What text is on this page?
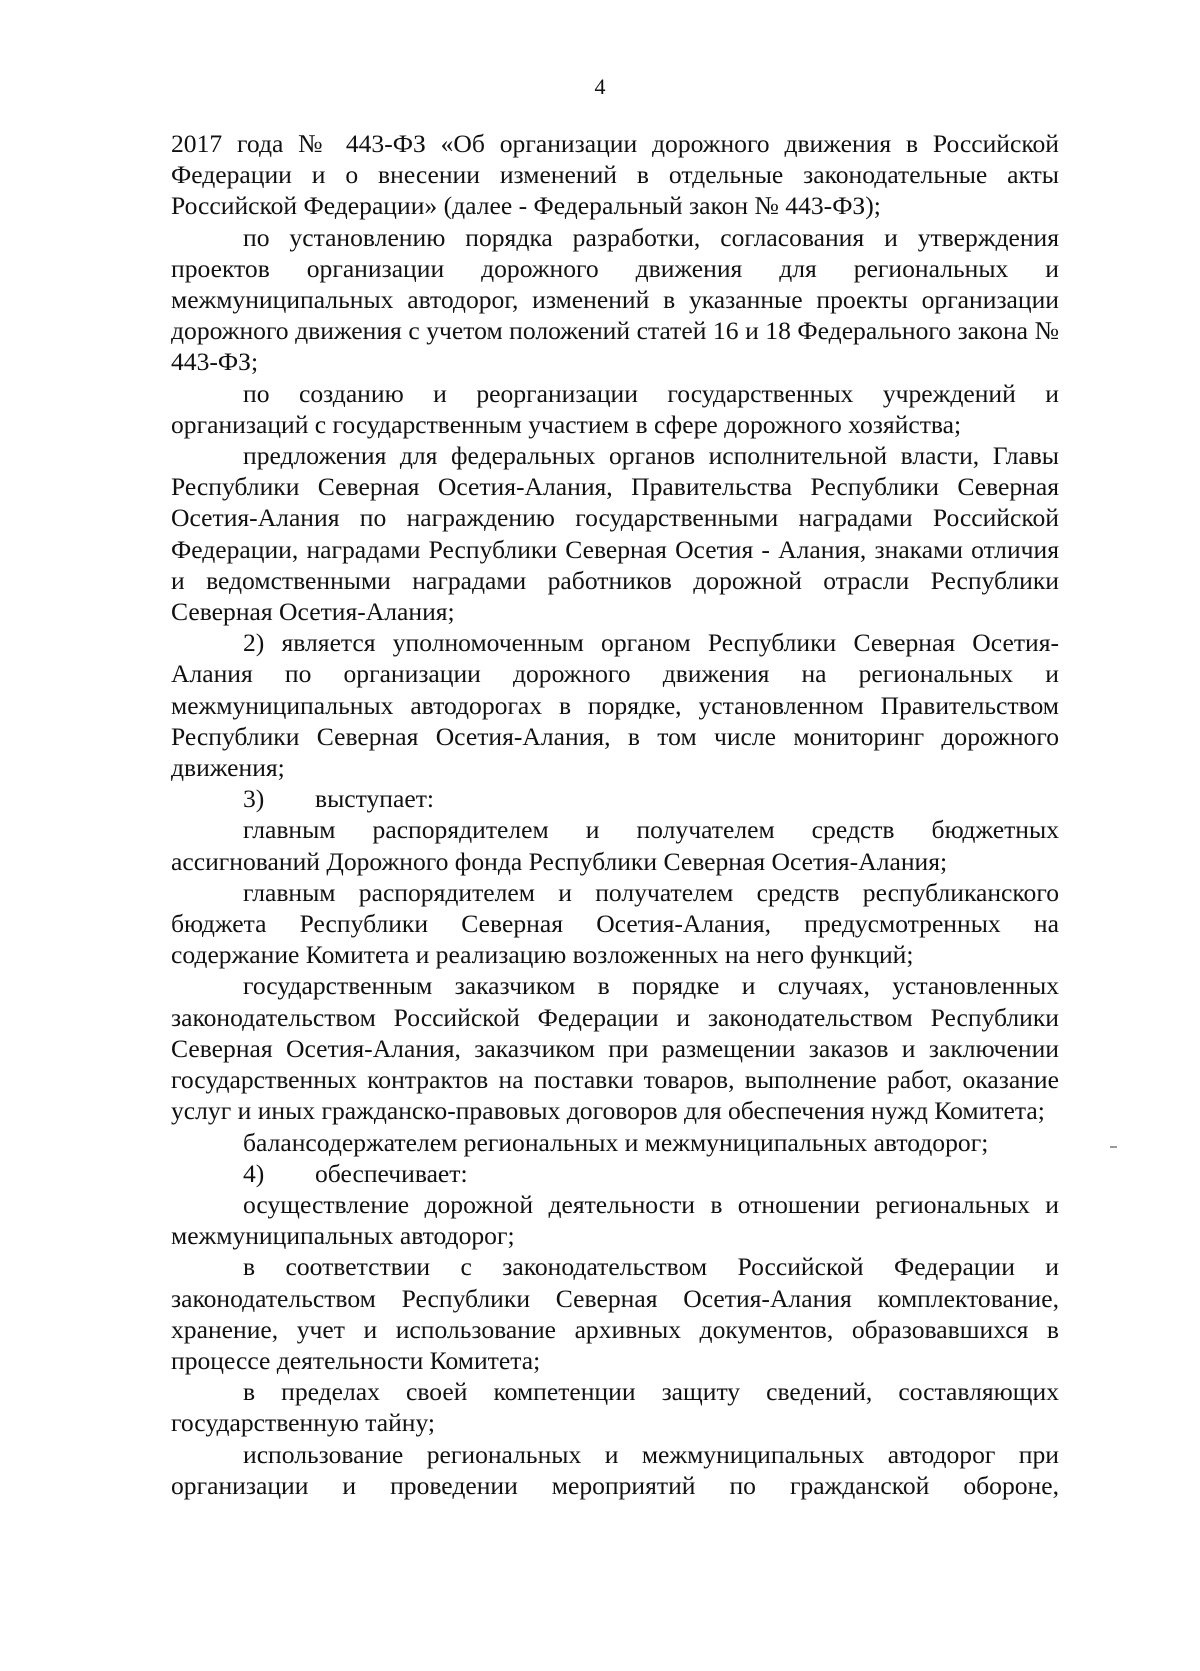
4

2017 года № 443-ФЗ «Об организации дорожного движения в Российской Федерации и о внесении изменений в отдельные законодательные акты Российской Федерации» (далее - Федеральный закон № 443-ФЗ);

по установлению порядка разработки, согласования и утверждения проектов организации дорожного движения для региональных и межмуниципальных автодорог, изменений в указанные проекты организации дорожного движения с учетом положений статей 16 и 18 Федерального закона № 443-ФЗ;

по созданию и реорганизации государственных учреждений и организаций с государственным участием в сфере дорожного хозяйства;

предложения для федеральных органов исполнительной власти, Главы Республики Северная Осетия-Алания, Правительства Республики Северная Осетия-Алания по награждению государственными наградами Российской Федерации, наградами Республики Северная Осетия - Алания, знаками отличия и ведомственными наградами работников дорожной отрасли Республики Северная Осетия-Алания;

2) является уполномоченным органом Республики Северная Осетия-Алания по организации дорожного движения на региональных и межмуниципальных автодорогах в порядке, установленном Правительством Республики Северная Осетия-Алания, в том числе мониторинг дорожного движения;

3) выступает:

главным распорядителем и получателем средств бюджетных ассигнований Дорожного фонда Республики Северная Осетия-Алания;

главным распорядителем и получателем средств республиканского бюджета Республики Северная Осетия-Алания, предусмотренных на содержание Комитета и реализацию возложенных на него функций;

государственным заказчиком в порядке и случаях, установленных законодательством Российской Федерации и законодательством Республики Северная Осетия-Алания, заказчиком при размещении заказов и заключении государственных контрактов на поставки товаров, выполнение работ, оказание услуг и иных гражданско-правовых договоров для обеспечения нужд Комитета;

балансодержателем региональных и межмуниципальных автодорог;

4) обеспечивает:

осуществление дорожной деятельности в отношении региональных и межмуниципальных автодорог;

в соответствии с законодательством Российской Федерации и законодательством Республики Северная Осетия-Алания комплектование, хранение, учет и использование архивных документов, образовавшихся в процессе деятельности Комитета;

в пределах своей компетенции защиту сведений, составляющих государственную тайну;

использование региональных и межмуниципальных автодорог при организации и проведении мероприятий по гражданской обороне,
